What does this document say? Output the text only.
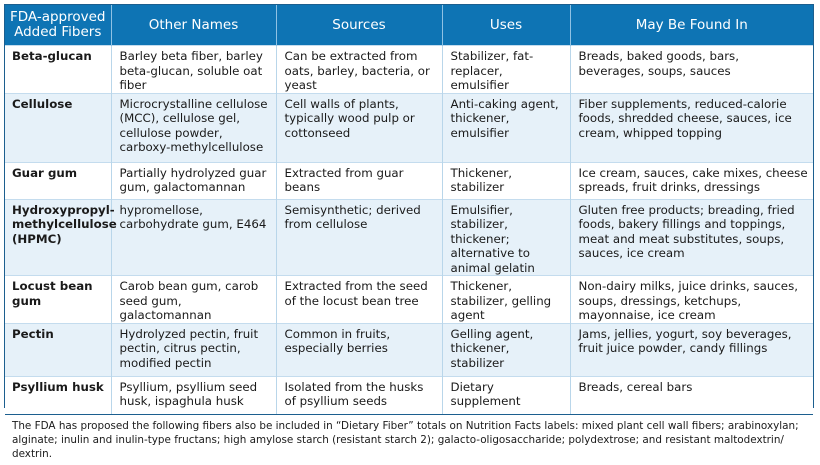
FDA-approved Added Fibers	Other Names	Sources	Uses	May Be Found In
Beta-glucan	Barley beta fiber, barley beta-glucan, soluble oat fiber	Can be extracted from oats, barley, bacteria, or yeast	Stabilizer, fat-replacer, emulsifier	Breads, baked goods, bars, beverages, soups, sauces
Cellulose	Microcrystalline cellulose (MCC), cellulose gel, cellulose powder, carboxy-methylcellulose	Cell walls of plants, typically wood pulp or cottonseed	Anti-caking agent, thickener, emulsifier	Fiber supplements, reduced-calorie foods, shredded cheese, sauces, ice cream, whipped topping
Guar gum	Partially hydrolyzed guar gum, galactomannan	Extracted from guar beans	Thickener, stabilizer	Ice cream, sauces, cake mixes, cheese spreads, fruit drinks, dressings
Hydroxypropyl-methylcellulose (HPMC)	hypromellose, carbohydrate gum, E464	Semisynthetic; derived from cellulose	Emulsifier, stabilizer, thickener; alternative to animal gelatin	Gluten free products; breading, fried foods, bakery fillings and toppings, meat and meat substitutes, soups, sauces, ice cream
Locust bean gum	Carob bean gum, carob seed gum, galactomannan	Extracted from the seed of the locust bean tree	Thickener, stabilizer, gelling agent	Non-dairy milks, juice drinks, sauces, soups, dressings, ketchups, mayonnaise, ice cream
Pectin	Hydrolyzed pectin, fruit pectin, citrus pectin, modified pectin	Common in fruits, especially berries	Gelling agent, thickener, stabilizer	Jams, jellies, yogurt, soy beverages, fruit juice powder, candy fillings
Psyllium husk	Psyllium, psyllium seed husk, ispaghula husk	Isolated from the husks of psyllium seeds	Dietary supplement	Breads, cereal bars
The FDA has proposed the following fibers also be included in “Dietary Fiber” totals on Nutrition Facts labels: mixed plant cell wall fibers; arabinoxylan; alginate; inulin and inulin-type fructans; high amylose starch (resistant starch 2); galacto-oligosaccharide; polydextrose; and resistant maltodextrin/ dextrin.
